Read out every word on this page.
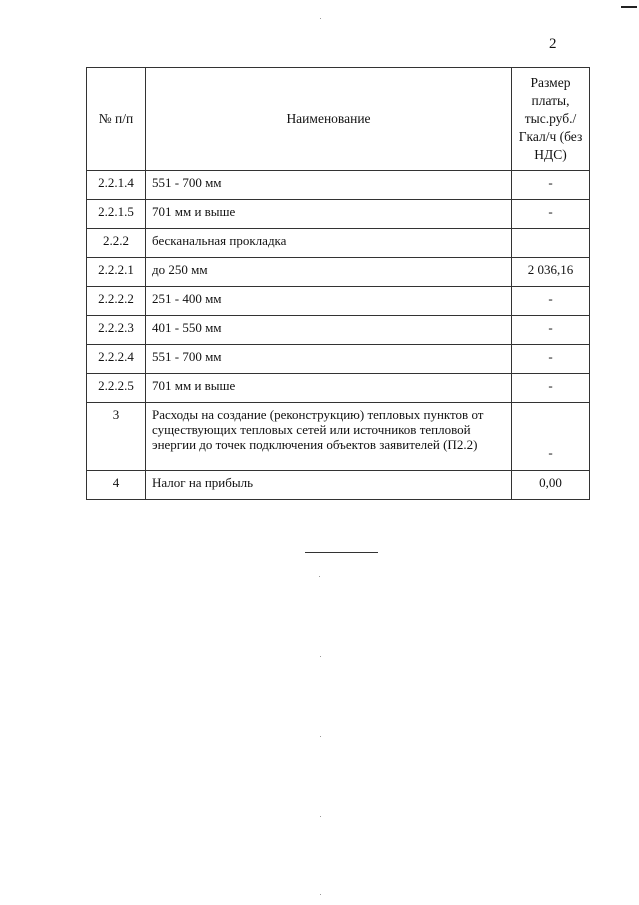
2
№ п/п	Наименование	Размер платы, тыс.руб./ Гкал/ч (без НДС)
2.2.1.4	551 - 700 мм	-
2.2.1.5	701 мм и выше	-
2.2.2	бесканальная прокладка	
2.2.2.1	до 250 мм	2 036,16
2.2.2.2	251 - 400 мм	-
2.2.2.3	401 - 550 мм	-
2.2.2.4	551 - 700 мм	-
2.2.2.5	701 мм и выше	-
3	Расходы на создание (реконструкцию) тепловых пунктов от существующих тепловых сетей или источников тепловой энергии до точек подключения объектов заявителей (П2.2)	-
4	Налог на прибыль	0,00
